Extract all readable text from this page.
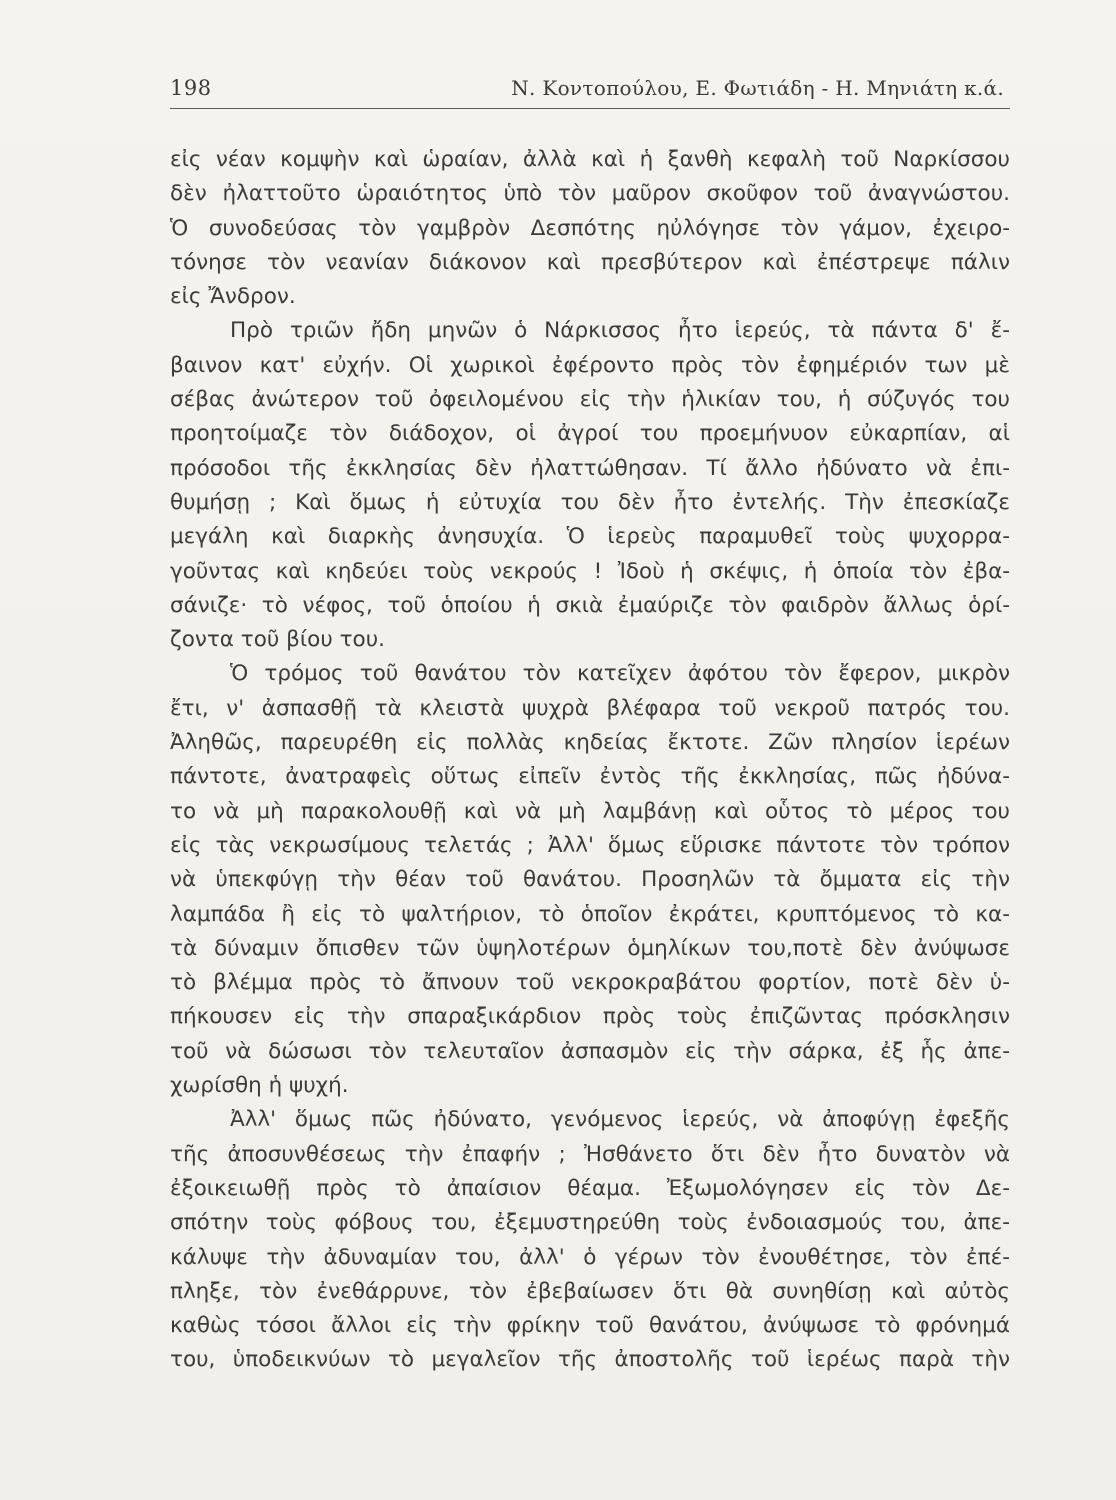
198	Ν. Κοντοπούλου, Ε. Φωτιάδη - Η. Μηνιάτη κ.ά.
εἰς νέαν κομψὴν καὶ ὡραίαν, ἀλλὰ καὶ ἡ ξανθὴ κεφαλὴ τοῦ Ναρκίσσου
δὲν ἠλαττοῦτο ὡραιότητος ὑπὸ τὸν μαῦρον σκοῦφον τοῦ ἀναγνώστου.
Ὁ συνοδεύσας τὸν γαμβρὸν Δεσπότης ηὐλόγησε τὸν γάμον, ἐχειρο-
τόνησε τὸν νεανίαν διάκονον καὶ πρεσβύτερον καὶ ἐπέστρεψε πάλιν
εἰς Ἄνδρον.
Πρὸ τριῶν ἤδη μηνῶν ὁ Νάρκισσος ἦτο ἱερεύς, τὰ πάντα δ' ἔ-
βαινον κατ' εὐχήν. Οἱ χωρικοὶ ἐφέροντο πρὸς τὸν ἐφημέριόν των μὲ
σέβας ἀνώτερον τοῦ ὀφειλομένου εἰς τὴν ἡλικίαν του, ἡ σύζυγός του
προητοίμαζε τὸν διάδοχον, οἱ ἀγροί του προεμήνυον εὐκαρπίαν, αἱ
πρόσοδοι τῆς ἐκκλησίας δὲν ἠλαττώθησαν. Τί ἄλλο ἠδύνατο νὰ ἐπι-
θυμήσῃ ; Καὶ ὅμως ἡ εὐτυχία του δὲν ἦτο ἐντελής. Τὴν ἐπεσκίαζε
μεγάλη καὶ διαρκὴς ἀνησυχία. Ὁ ἱερεὺς παραμυθεῖ τοὺς ψυχορρα-
γοῦντας καὶ κηδεύει τοὺς νεκρούς ! Ἰδοὺ ἡ σκέψις, ἡ ὁποία τὸν ἐβα-
σάνιζε· τὸ νέφος, τοῦ ὁποίου ἡ σκιὰ ἐμαύριζε τὸν φαιδρὸν ἄλλως ὁρί-
ζοντα τοῦ βίου του.
Ὁ τρόμος τοῦ θανάτου τὸν κατεῖχεν ἀφότου τὸν ἔφερον, μικρὸν
ἔτι, ν' ἀσπασθῇ τὰ κλειστὰ ψυχρὰ βλέφαρα τοῦ νεκροῦ πατρός του.
Ἀληθῶς, παρευρέθη εἰς πολλὰς κηδείας ἔκτοτε. Ζῶν πλησίον ἱερέων
πάντοτε, ἀνατραφεὶς οὕτως εἰπεῖν ἐντὸς τῆς ἐκκλησίας, πῶς ἠδύνα-
το νὰ μὴ παρακολουθῇ καὶ νὰ μὴ λαμβάνῃ καὶ οὗτος τὸ μέρος του
εἰς τὰς νεκρωσίμους τελετάς ; Ἀλλ' ὅμως εὕρισκε πάντοτε τὸν τρόπον
νὰ ὑπεκφύγῃ τὴν θέαν τοῦ θανάτου. Προσηλῶν τὰ ὄμματα εἰς τὴν
λαμπάδα ἢ εἰς τὸ ψαλτήριον, τὸ ὁποῖον ἐκράτει, κρυπτόμενος τὸ κα-
τὰ δύναμιν ὄπισθεν τῶν ὑψηλοτέρων ὁμηλίκων του,ποτὲ δὲν ἀνύψωσε
τὸ βλέμμα πρὸς τὸ ἄπνουν τοῦ νεκροκραβάτου φορτίον, ποτὲ δὲν ὑ-
πήκουσεν εἰς τὴν σπαραξικάρδιον πρὸς τοὺς ἐπιζῶντας πρόσκλησιν
τοῦ νὰ δώσωσι τὸν τελευταῖον ἀσπασμὸν εἰς τὴν σάρκα, ἐξ ἧς ἀπε-
χωρίσθη ἡ ψυχή.
Ἀλλ' ὅμως πῶς ἠδύνατο, γενόμενος ἱερεύς, νὰ ἀποφύγῃ ἐφεξῆς
τῆς ἀποσυνθέσεως τὴν ἐπαφήν ; Ἠσθάνετο ὅτι δὲν ἦτο δυνατὸν νὰ
ἐξοικειωθῇ πρὸς τὸ ἀπαίσιον θέαμα. Ἐξωμολόγησεν εἰς τὸν Δε-
σπότην τοὺς φόβους του, ἐξεμυστηρεύθη τοὺς ἐνδοιασμούς του, ἀπε-
κάλυψε τὴν ἀδυναμίαν του, ἀλλ' ὁ γέρων τὸν ἐνουθέτησε, τὸν ἐπέ-
πληξε, τὸν ἐνεθάρρυνε, τὸν ἐβεβαίωσεν ὅτι θὰ συνηθίσῃ καὶ αὐτὸς
καθὼς τόσοι ἄλλοι εἰς τὴν φρίκην τοῦ θανάτου, ἀνύψωσε τὸ φρόνημά
του, ὑποδεικνύων τὸ μεγαλεῖον τῆς ἀποστολῆς τοῦ ἱερέως παρὰ τὴν
